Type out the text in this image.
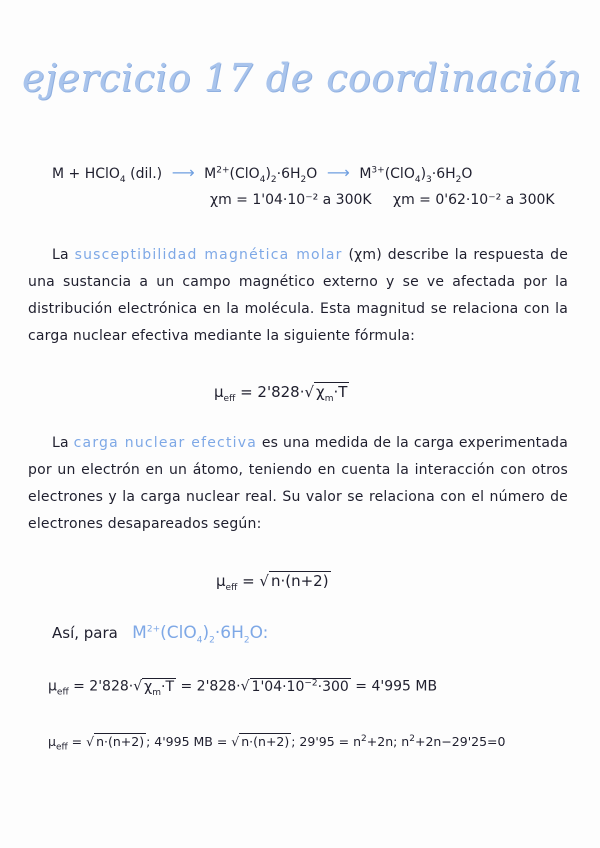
ejercicio 17 de coordinación
M + HClO$_4$ (dil.)  ⟶  $M^{2+}(ClO_4)_2\cdot 6H_2O$  ⟶  $M^{3+}(ClO_4)_3\cdot 6H_2O$
χm = 1'04·10⁻² a 300K χm = 0'62·10⁻² a 300K
La susceptibilidad magnética molar (χm) describe la respuesta de una sustancia a un campo magnético externo y se ve afectada por la distribución electrónica en la molécula. Esta magnitud se relaciona con la carga nuclear efectiva mediante la siguiente fórmula:
$\mu_{eff} = 2'828\cdot√$ $\chi_m\cdot T$
La carga nuclear efectiva es una medida de la carga experimentada por un electrón en un átomo, teniendo en cuenta la interacción con otros electrones y la carga nuclear real. Su valor se relaciona con el número de electrones desapareados según:
$\mu_{eff}$ = √ n·(n+2)
Así, para $M^{2+}(ClO_4)_2\cdot 6H_2O$:
$\mu_{eff} = 2'828\cdot√$ $\chi_m\cdot T = 2'828\cdot√$ $1'04\cdot 10^{-2}\cdot 300 = 4'995$ MB
$\mu_{eff}$ = √ n·(n+2) ; 4'995 MB = √ n·(n+2) ; $29'95 = n^2+2n$; $n^2+2n-29'25=0$
